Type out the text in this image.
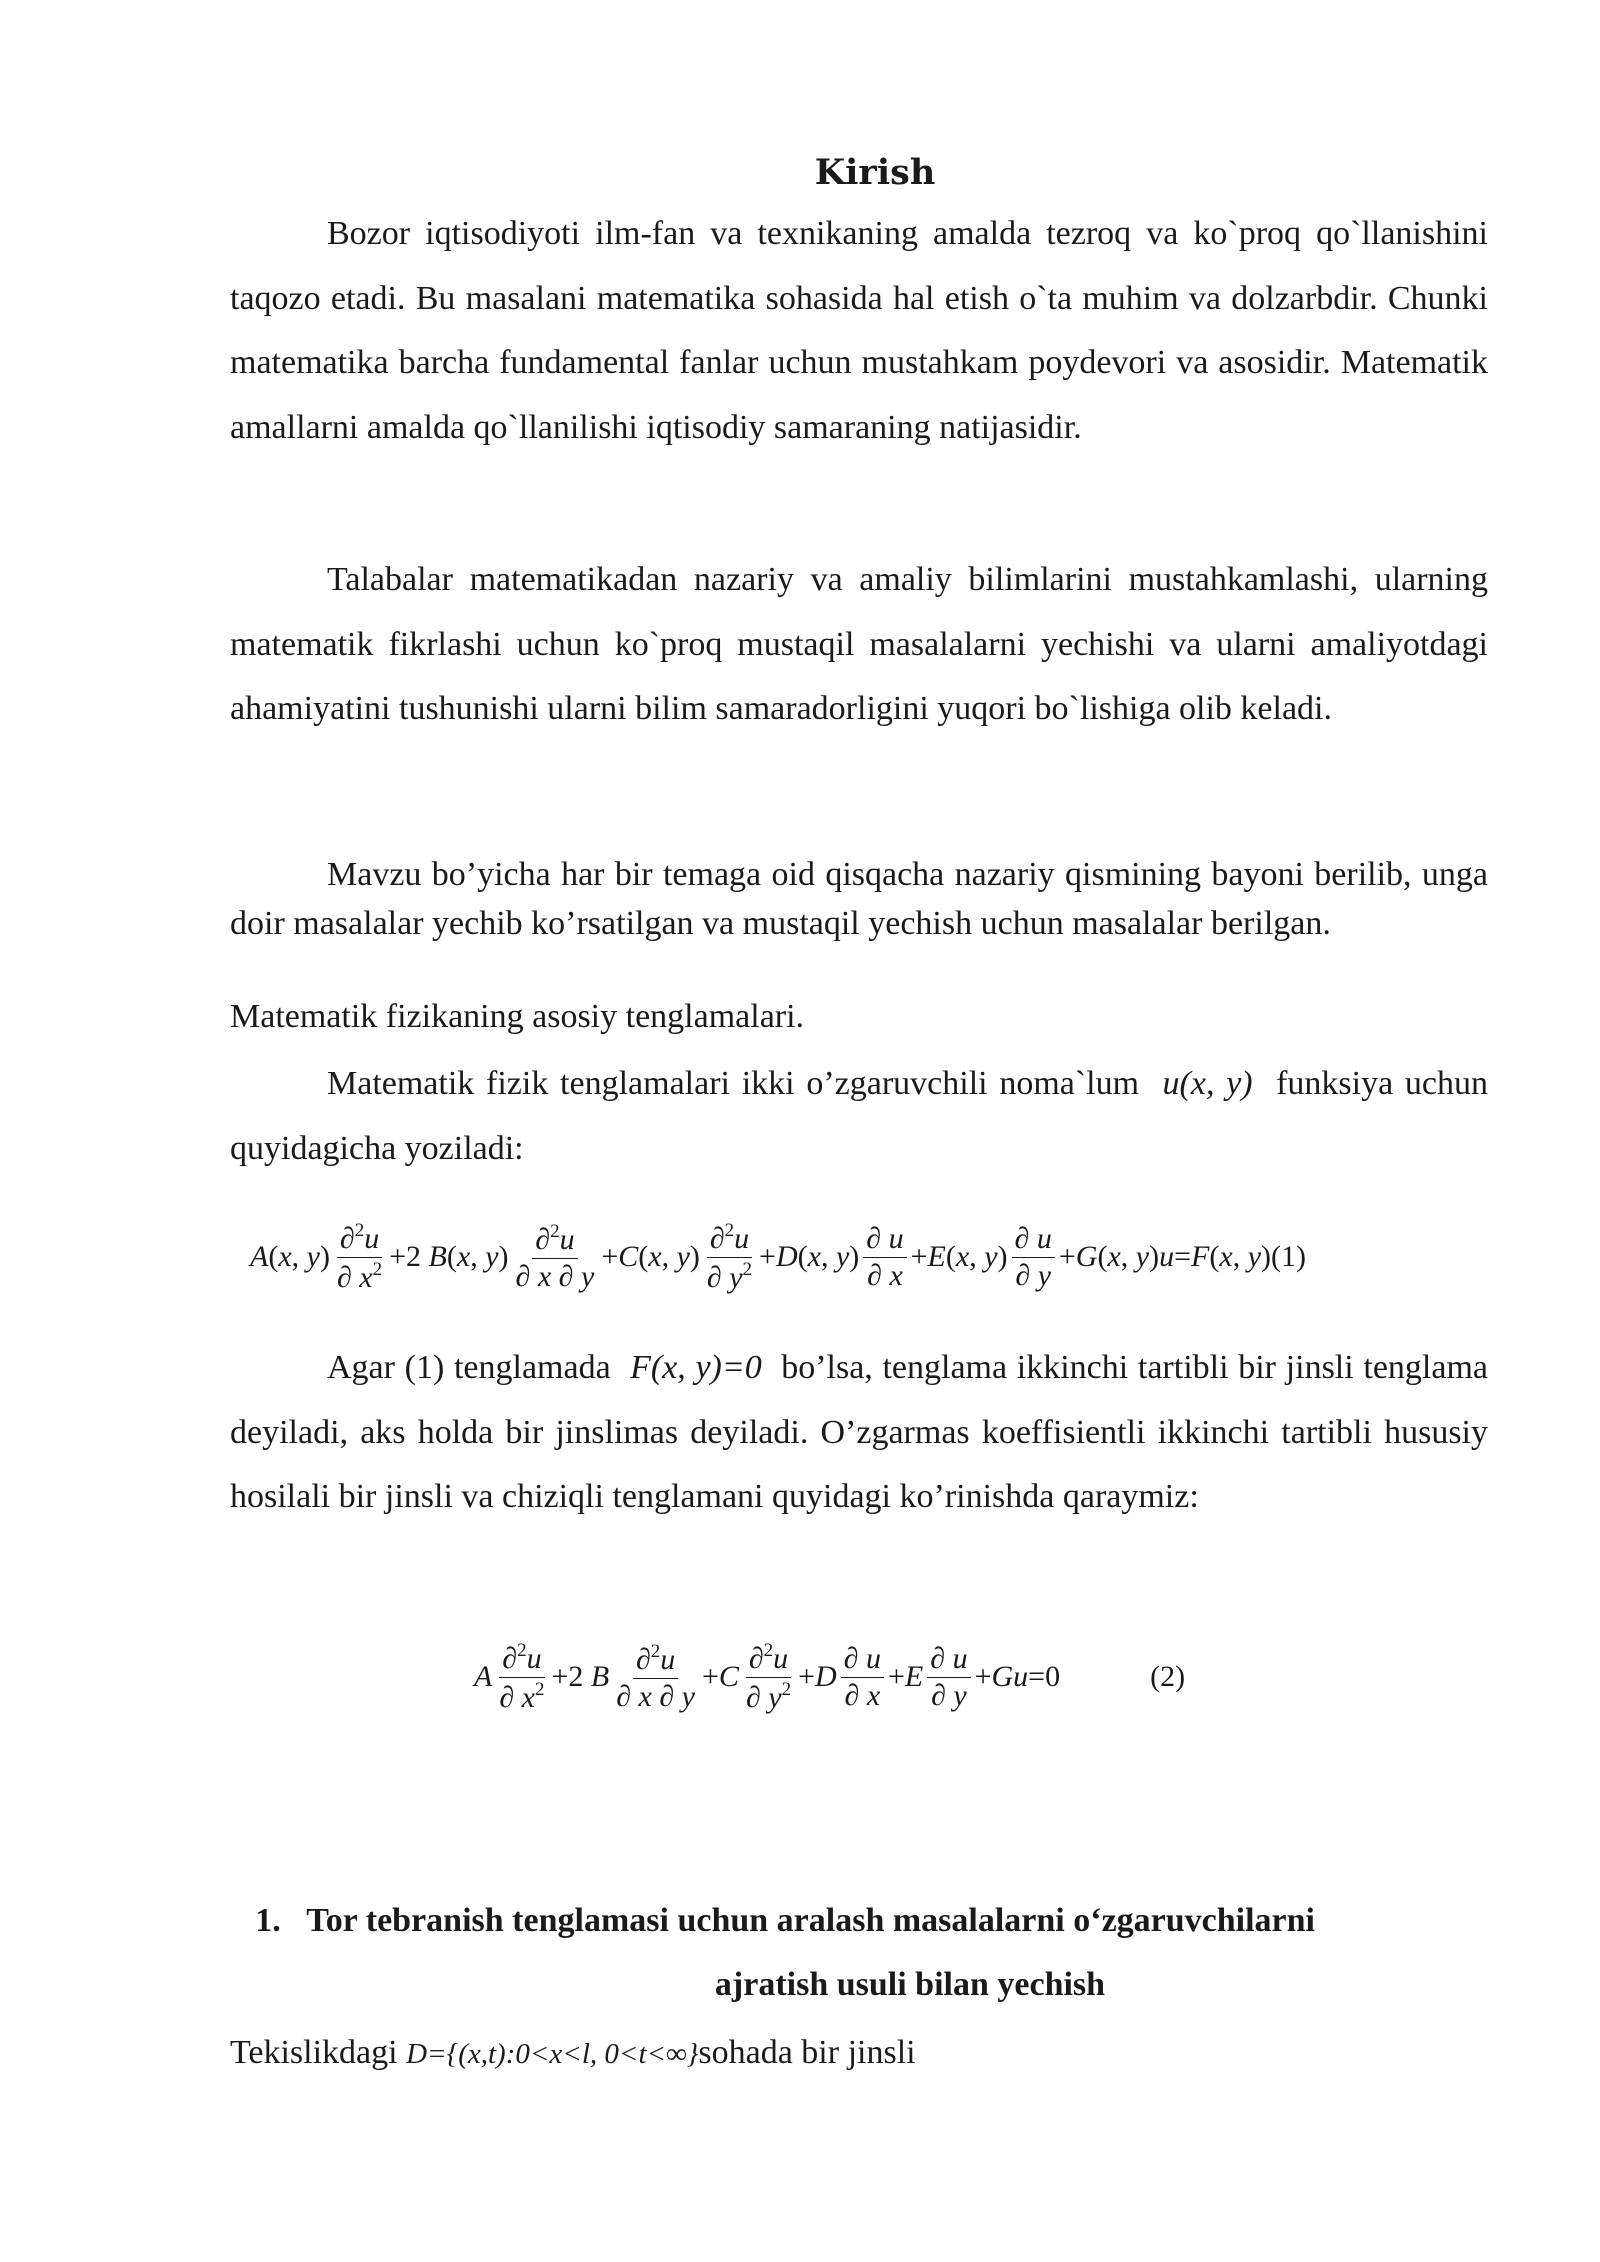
Kirish

Bozor iqtisodiyoti ilm-fan va texnikaning amalda tezroq va ko`proq qo`llanishini taqozo etadi. Bu masalani matematika sohasida hal etish o`ta muhim va dolzarbdir. Chunki matematika barcha fundamental fanlar uchun mustahkam poydevori va asosidir. Matematik amallarni amalda qo`llanilishi iqtisodiy samaraning natijasidir.

Talabalar matematikadan nazariy va amaliy bilimlarini mustahkamlashi, ularning matematik fikrlashi uchun ko`proq mustaqil masalalarni yechishi va ularni amaliyotdagi ahamiyatini tushunishi ularni bilim samaradorligini yuqori bo`lishiga olib keladi.

Mavzu bo’yicha har bir temaga oid qisqacha nazariy qismining bayoni berilib, unga doir masalalar yechib ko’rsatilgan va mustaqil yechish uchun masalalar berilgan.

Matematik fizikaning asosiy tenglamalari.

Matematik fizik tenglamalari ikki o’zgaruvchili noma`lum u(x, y) funksiya uchun quyidagicha yoziladi:

A ( x ,
y ) $\frac{\partial^2u}{\partial x^2} +2$
B ( x ,
y ) $\frac{\partial^2u}{\partial x \partial y} + C$ ( x ,
y ) $\frac{\partial^2u}{\partial y^2} + D$ ( x ,
y ) $\frac{\partial u}{\partial x} + E$ ( x ,
y ) $\frac{\partial u}{\partial y} + G$ ( x ,
y ) u = F ( x ,
y ) (1)

Agar (1) tenglamada F(x, y)=0 bo’lsa, tenglama ikkinchi tartibli bir jinsli tenglama deyiladi, aks holda bir jinslimas deyiladi. O’zgarmas koeffisientli ikkinchi tartibli hususiy hosilali bir jinsli va chiziqli tenglamani quyidagi ko’rinishda qaraymiz:

A $\frac{\partial^2u}{\partial x^2} +2$
B $\frac{\partial^2u}{\partial x \partial y} + C \frac{\partial^2u}{\partial y^2} + D \frac{\partial u}{\partial x} + E \frac{\partial u}{\partial y} + Gu =0$	(2)
1. Tor tebranish tenglamasi uchun aralash masalalarni o‘zgaruvchilarni
ajratish usuli bilan yechish
Tekislikdagi D={(x,t):0<x<l, 0<t<∞}sohada bir jinsli
